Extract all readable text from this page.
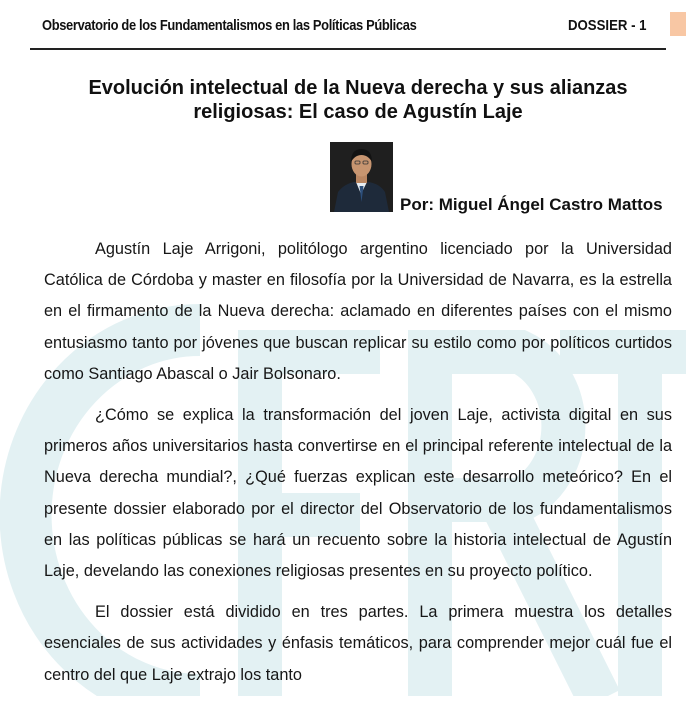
Observatorio de los Fundamentalismos en las Políticas Públicas	DOSSIER - 1
Evolución intelectual de la Nueva derecha y sus alianzas religiosas: El caso de Agustín Laje
Por: Miguel Ángel Castro Mattos

Agustín Laje Arrigoni, politólogo argentino licenciado por la Universidad Católica de Córdoba y master en filosofía por la Universidad de Navarra, es la estrella en el firmamento de la Nueva derecha: aclamado en diferentes países con el mismo entusiasmo tanto por jóvenes que buscan replicar su estilo como por políticos curtidos como Santiago Abascal o Jair Bolsonaro.

¿Cómo se explica la transformación del joven Laje, activista digital en sus primeros años universitarios hasta convertirse en el principal referente intelectual de la Nueva derecha mundial?, ¿Qué fuerzas explican este desarrollo meteórico? En el presente dossier elaborado por el director del Observatorio de los fundamentalismos en las políticas públicas se hará un recuento sobre la historia intelectual de Agustín Laje, develando las conexiones religiosas presentes en su proyecto político.

El dossier está dividido en tres partes. La primera muestra los detalles esenciales de sus actividades y énfasis temáticos, para comprender mejor cuál fue el centro del que Laje extrajo los tanto
